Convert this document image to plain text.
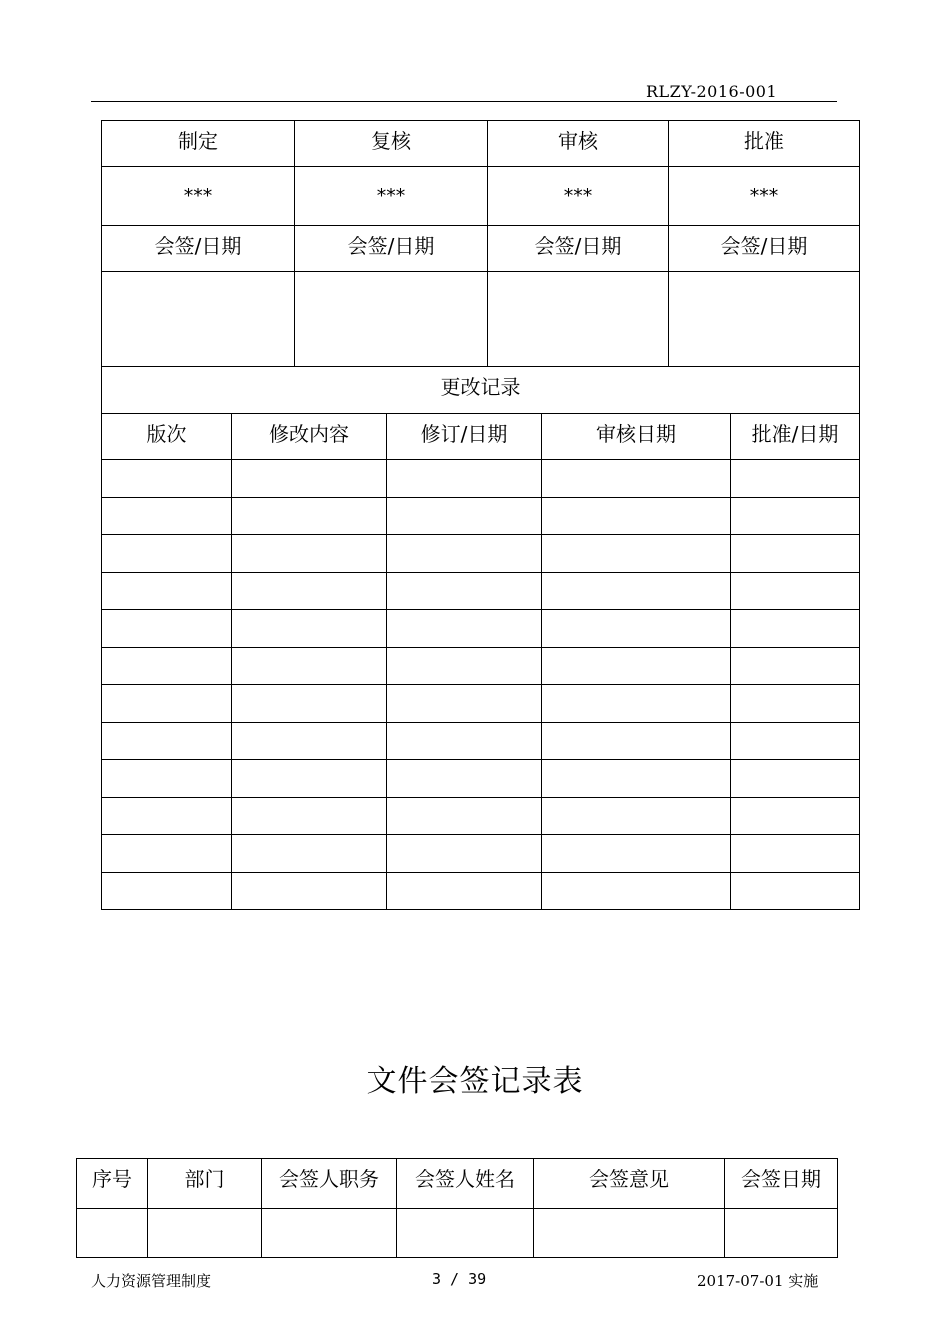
RLZY-2016-001
制定	复核	审核	批准
***	***	***	***
会签/日期	会签/日期	会签/日期	会签/日期

更改记录			
版次	修改内容	修订/日期	审核日期	批准/日期

文件会签记录表
序号	部门	会签人职务	会签人姓名	会签意见	会签日期

人力资源管理制度	3 / 39	2017-07-01 实施
